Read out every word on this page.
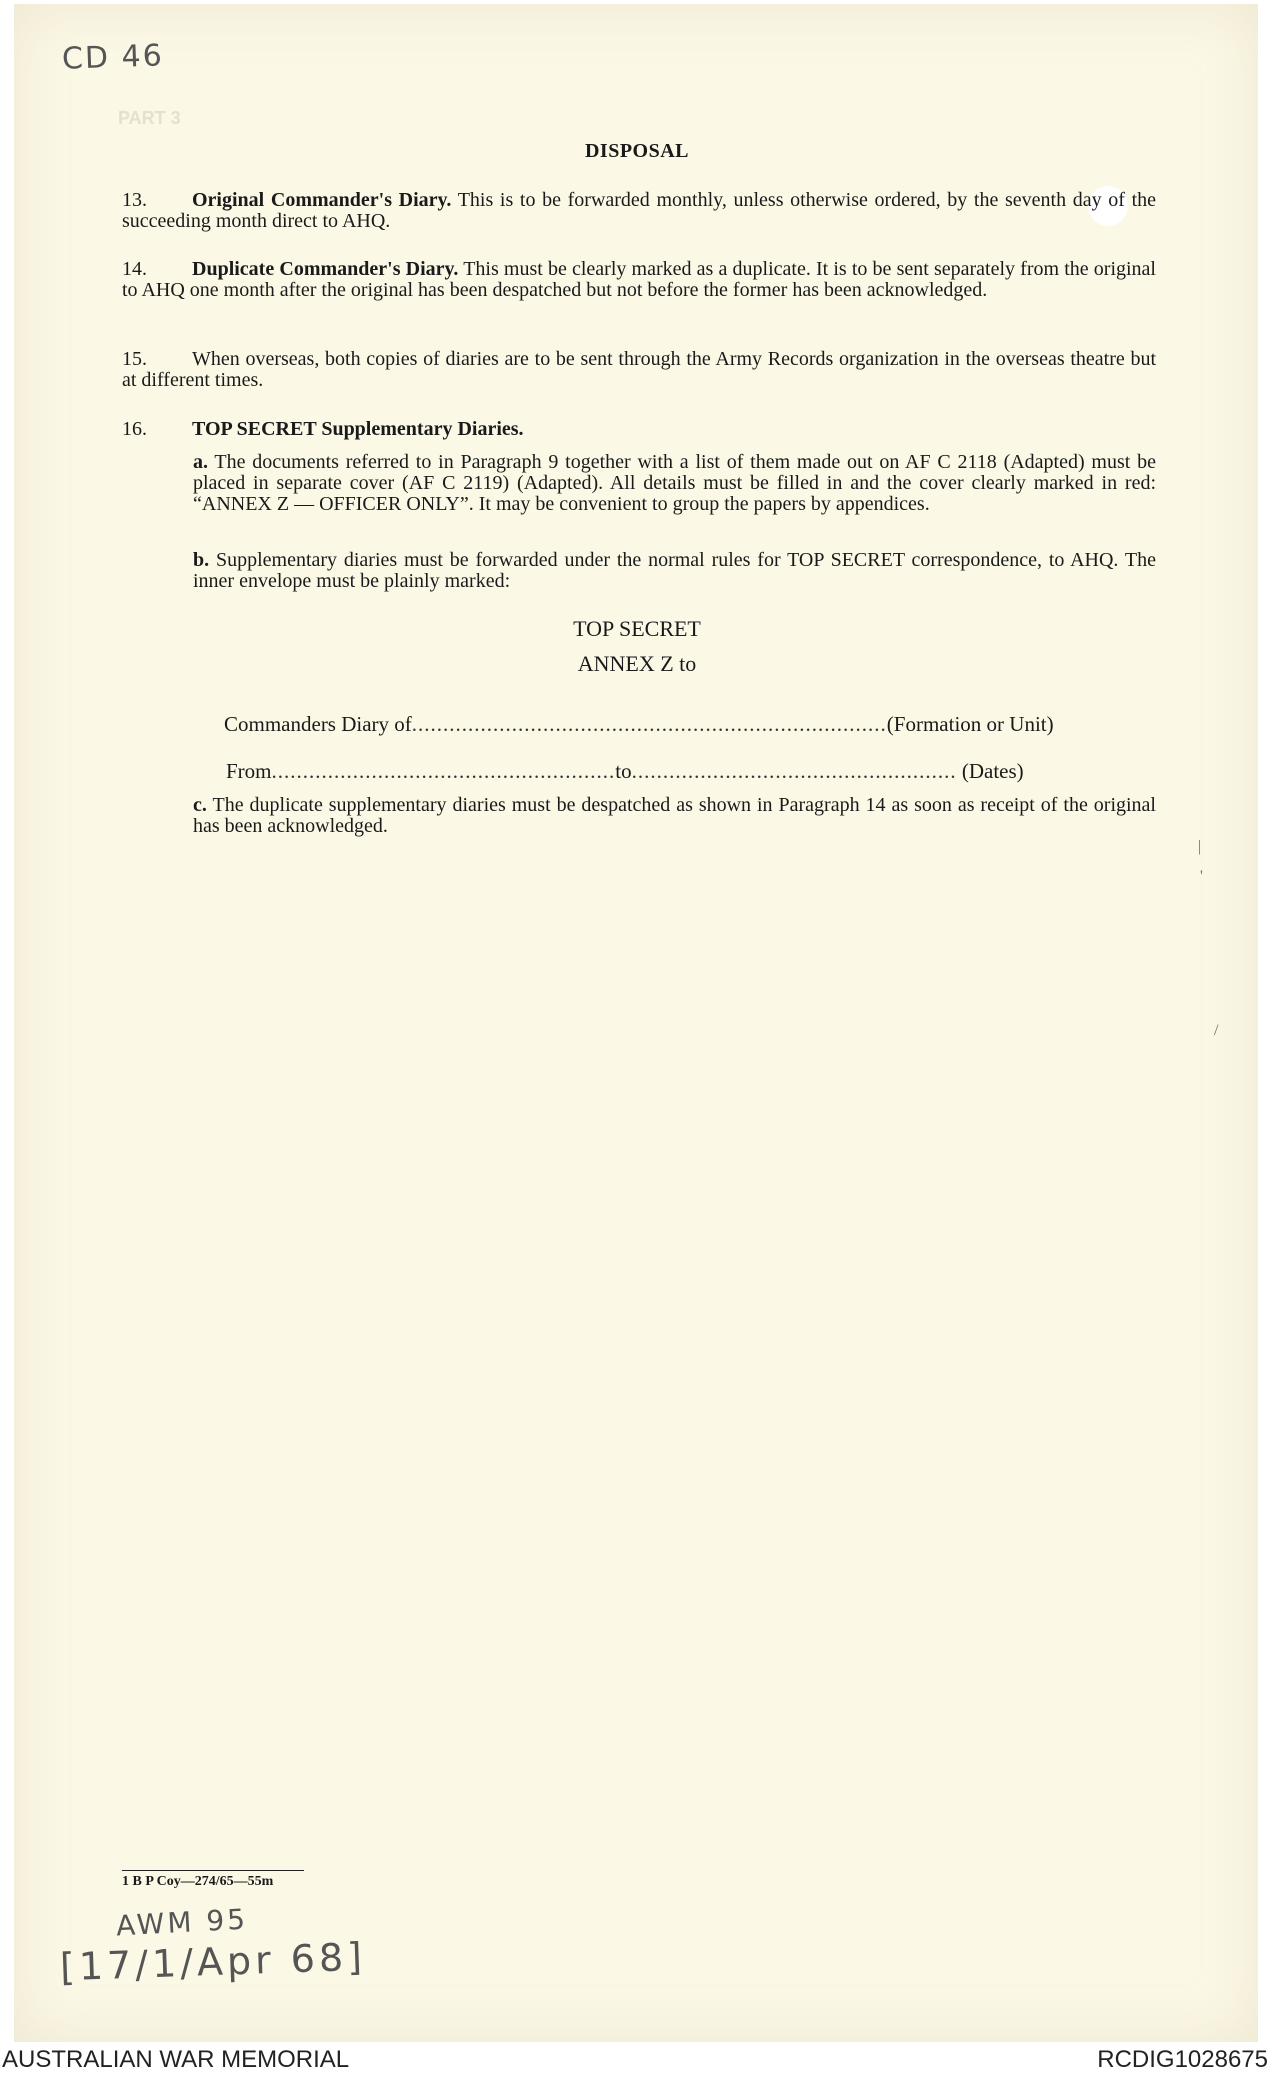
|
'
/
CD 46
PART 3
DISPOSAL
13. Original Commander's Diary. This is to be forwarded monthly, unless otherwise ordered, by the seventh day of the succeeding month direct to AHQ.
14. Duplicate Commander's Diary. This must be clearly marked as a duplicate. It is to be sent separately from the original to AHQ one month after the original has been despatched but not before the former has been acknowledged.
15. When overseas, both copies of diaries are to be sent through the Army Records organization in the overseas theatre but at different times.
16. TOP SECRET Supplementary Diaries.
a. The documents referred to in Paragraph 9 together with a list of them made out on AF C 2118 (Adapted) must be placed in separate cover (AF C 2119) (Adapted). All details must be filled in and the cover clearly marked in red: “ANNEX Z — OFFICER ONLY”. It may be convenient to group the papers by appendices.
b. Supplementary diaries must be forwarded under the normal rules for TOP SECRET correspondence, to AHQ. The inner envelope must be plainly marked:
TOP SECRET
ANNEX Z to
Commanders Diary of............................................................................(Formation or Unit)
From.......................................................to.................................................... (Dates)
c. The duplicate supplementary diaries must be despatched as shown in Paragraph 14 as soon as receipt of the original has been acknowledged.
1 B P Coy—274/65—55m
AWM 95
[17/1/Apr 68]
AUSTRALIAN WAR MEMORIAL	RCDIG1028675
